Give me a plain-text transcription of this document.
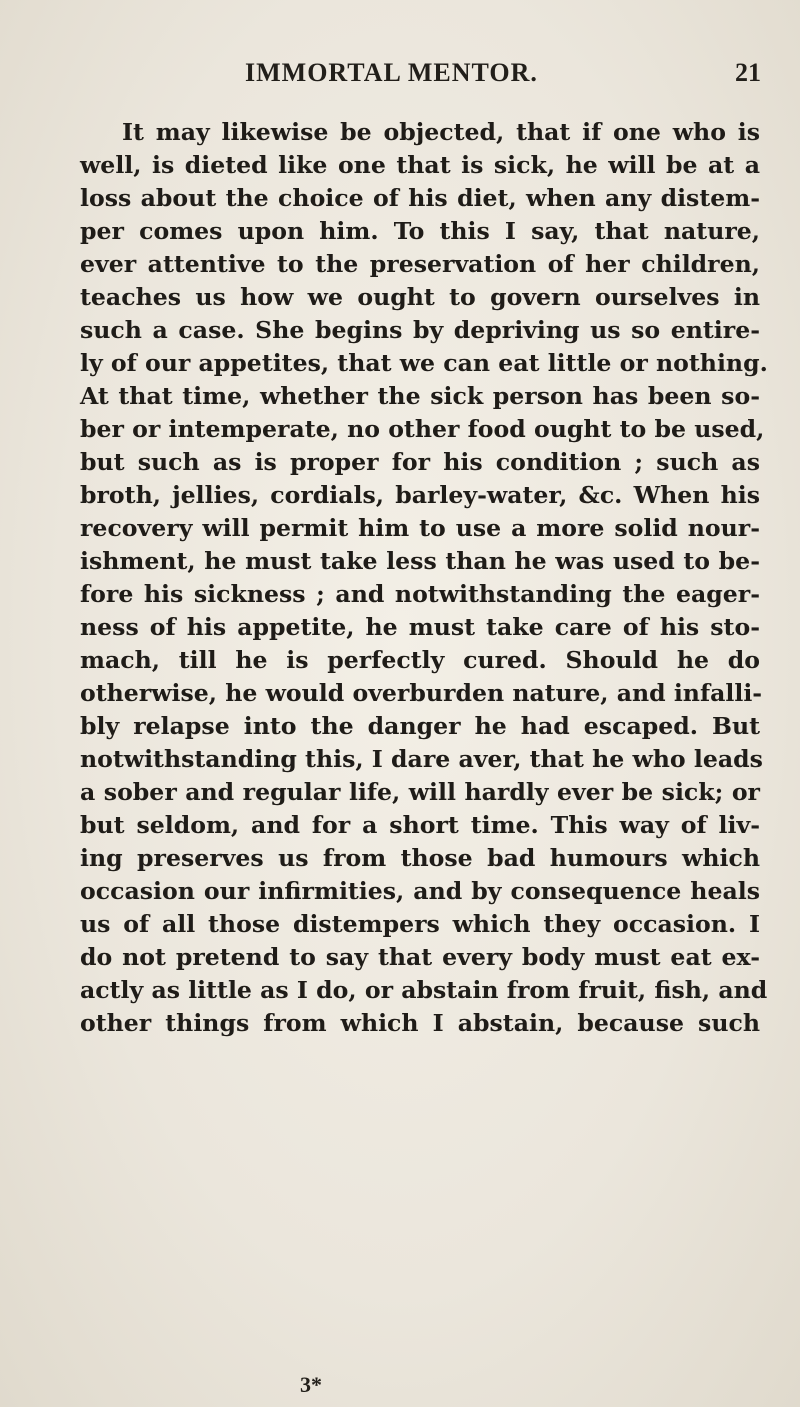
IMMORTAL MENTOR.	21
It may likewise be objected, that if one who is
well, is dieted like one that is sick, he will be at a
loss about the choice of his diet, when any distem-
per comes upon him. To this I say, that nature,
ever attentive to the preservation of her children,
teaches us how we ought to govern ourselves in
such a case. She begins by depriving us so entire-
ly of our appetites, that we can eat little or nothing.
At that time, whether the sick person has been so-
ber or intemperate, no other food ought to be used,
but such as is proper for his condition ; such as
broth, jellies, cordials, barley-water, &c. When his
recovery will permit him to use a more solid nour-
ishment, he must take less than he was used to be-
fore his sickness ; and notwithstanding the eager-
ness of his appetite, he must take care of his sto-
mach, till he is perfectly cured. Should he do
otherwise, he would overburden nature, and infalli-
bly relapse into the danger he had escaped. But
notwithstanding this, I dare aver, that he who leads
a sober and regular life, will hardly ever be sick; or
but seldom, and for a short time. This way of liv-
ing preserves us from those bad humours which
occasion our infirmities, and by consequence heals
us of all those distempers which they occasion. I
do not pretend to say that every body must eat ex-
actly as little as I do, or abstain from fruit, fish, and
other things from which I abstain, because such
3*
